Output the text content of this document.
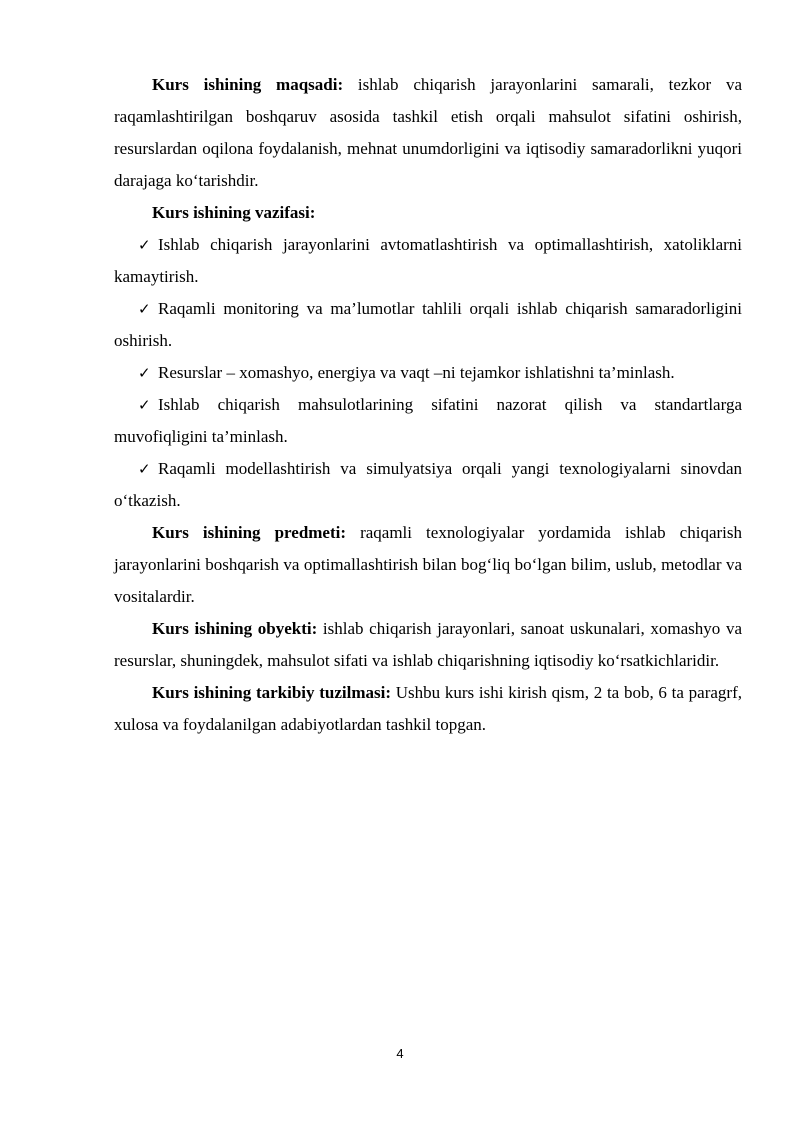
Kurs ishining maqsadi: ishlab chiqarish jarayonlarini samarali, tezkor va raqamlashtirilgan boshqaruv asosida tashkil etish orqali mahsulot sifatini oshirish, resurslardan oqilona foydalanish, mehnat unumdorligini va iqtisodiy samaradorlikni yuqori darajaga ko‘tarishdir.

Kurs ishining vazifasi:

✓ Ishlab chiqarish jarayonlarini avtomatlashtirish va optimallashtirish, xatoliklarni kamaytirish.

✓ Raqamli monitoring va ma’lumotlar tahlili orqali ishlab chiqarish samaradorligini oshirish.

✓ Resurslar – xomashyo, energiya va vaqt –ni tejamkor ishlatishni ta’minlash.

✓ Ishlab chiqarish mahsulotlarining sifatini nazorat qilish va standartlarga muvofiqligini ta’minlash.

✓ Raqamli modellashtirish va simulyatsiya orqali yangi texnologiyalarni sinovdan o‘tkazish.

Kurs ishining predmeti: raqamli texnologiyalar yordamida ishlab chiqarish jarayonlarini boshqarish va optimallashtirish bilan bog‘liq bo‘lgan bilim, uslub, metodlar va vositalardir.

Kurs ishining obyekti: ishlab chiqarish jarayonlari, sanoat uskunalari, xomashyo va resurslar, shuningdek, mahsulot sifati va ishlab chiqarishning iqtisodiy ko‘rsatkichlaridir.

Kurs ishining tarkibiy tuzilmasi: Ushbu kurs ishi kirish qism, 2 ta bob, 6 ta paragrf, xulosa va foydalanilgan adabiyotlardan tashkil topgan.

4
